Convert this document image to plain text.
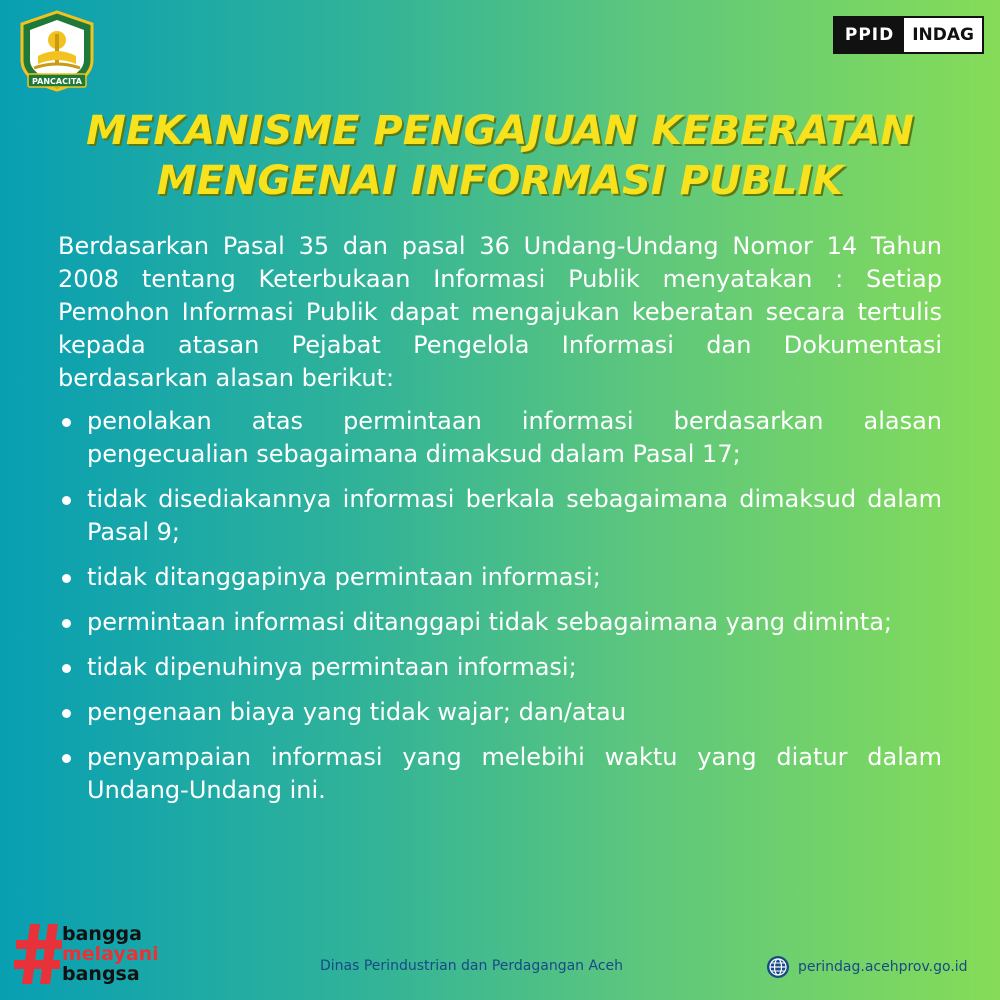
PANCACITA
PPID	INDAG
MEKANISME PENGAJUAN KEBERATAN
MENGENAI INFORMASI PUBLIK

Berdasarkan Pasal 35 dan pasal 36 Undang-Undang Nomor 14 Tahun 2008 tentang Keterbukaan Informasi Publik menyatakan : Setiap Pemohon Informasi Publik dapat mengajukan keberatan secara tertulis kepada atasan Pejabat Pengelola Informasi dan Dokumentasi berdasarkan alasan berikut:

penolakan atas permintaan informasi berdasarkan alasan pengecualian sebagaimana dimaksud dalam Pasal 17;
tidak disediakannya informasi berkala sebagaimana dimaksud dalam Pasal 9;
tidak ditanggapinya permintaan informasi;
permintaan informasi ditanggapi tidak sebagaimana yang diminta;
tidak dipenuhinya permintaan informasi;
pengenaan biaya yang tidak wajar; dan/atau
penyampaian informasi yang melebihi waktu yang diatur dalam Undang-Undang ini.
bangga
melayani
bangsa	Dinas Perindustrian dan Perdagangan Aceh	perindag.acehprov.go.id
